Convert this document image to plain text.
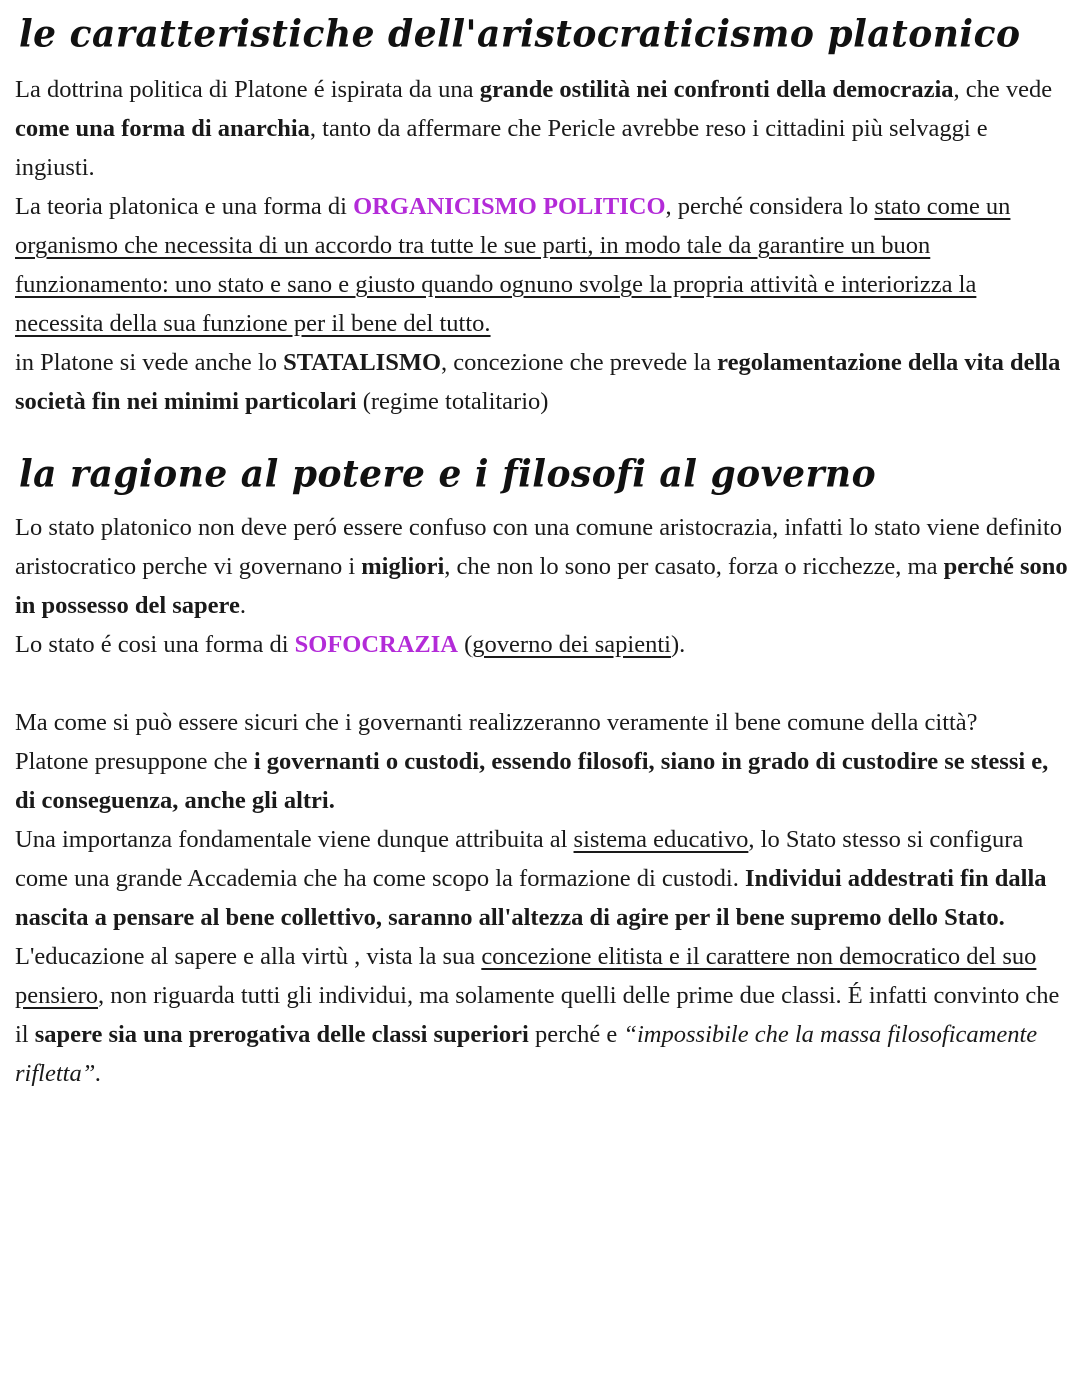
le caratteristiche dell'aristocraticismo platonico

La dottrina politica di Platone é ispirata da una grande ostilità nei confronti della democrazia, che vede come una forma di anarchia, tanto da affermare che Pericle avrebbe reso i cittadini più selvaggi e ingiusti.

La teoria platonica e una forma di ORGANICISMO POLITICO, perché considera lo stato come un organismo che necessita di un accordo tra tutte le sue parti, in modo tale da garantire un buon funzionamento: uno stato e sano e giusto quando ognuno svolge la propria attività e interiorizza la necessita della sua funzione per il bene del tutto.

in Platone si vede anche lo STATALISMO, concezione che prevede la regolamentazione della vita della società fin nei minimi particolari (regime totalitario)

la ragione al potere e i filosofi al governo

Lo stato platonico non deve peró essere confuso con una comune aristocrazia, infatti lo stato viene definito aristocratico perche vi governano i migliori, che non lo sono per casato, forza o ricchezze, ma perché sono in possesso del sapere.

Lo stato é cosi una forma di SOFOCRAZIA (governo dei sapienti).

Ma come si può essere sicuri che i governanti realizzeranno veramente il bene comune della città?

Platone presuppone che i governanti o custodi, essendo filosofi, siano in grado di custodire se stessi e, di conseguenza, anche gli altri.

Una importanza fondamentale viene dunque attribuita al sistema educativo, lo Stato stesso si configura come una grande Accademia che ha come scopo la formazione di custodi. Individui addestrati fin dalla nascita a pensare al bene collettivo, saranno all'altezza di agire per il bene supremo dello Stato.

L'educazione al sapere e alla virtù , vista la sua concezione elitista e il carattere non democratico del suo pensiero, non riguarda tutti gli individui, ma solamente quelli delle prime due classi. É infatti convinto che il sapere sia una prerogativa delle classi superiori perché e “impossibile che la massa filosoficamente rifletta”.
